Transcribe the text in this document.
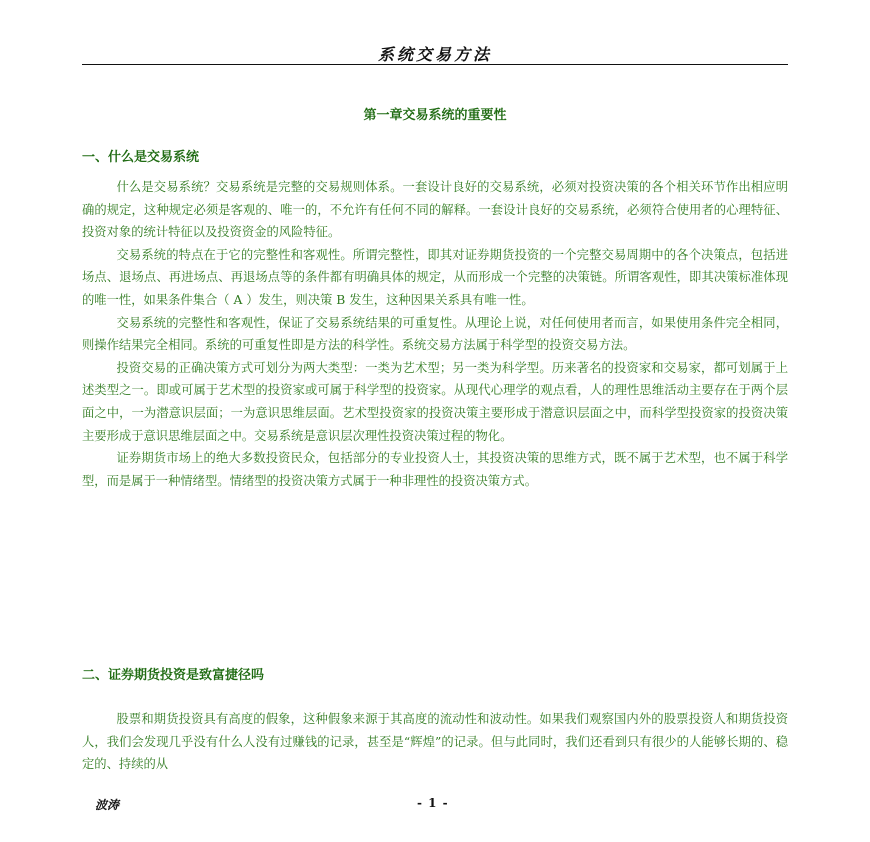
系统交易方法
第一章交易系统的重要性
一、什么是交易系统

什么是交易系统？交易系统是完整的交易规则体系。一套设计良好的交易系统，必须对投资决策的各个相关环节作出相应明确的规定，这种规定必须是客观的、唯一的，不允许有任何不同的解释。一套设计良好的交易系统，必须符合使用者的心理特征、投资对象的统计特征以及投资资金的风险特征。

交易系统的特点在于它的完整性和客观性。所谓完整性，即其对证券期货投资的一个完整交易周期中的各个决策点，包括进场点、退场点、再进场点、再退场点等的条件都有明确具体的规定，从而形成一个完整的决策链。所谓客观性，即其决策标准体现的唯一性，如果条件集合（ A ）发生，则决策 B 发生，这种因果关系具有唯一性。

交易系统的完整性和客观性，保证了交易系统结果的可重复性。从理论上说，对任何使用者而言，如果使用条件完全相同，则操作结果完全相同。系统的可重复性即是方法的科学性。系统交易方法属于科学型的投资交易方法。

投资交易的正确决策方式可划分为两大类型：一类为艺术型；另一类为科学型。历来著名的投资家和交易家，都可划属于上述类型之一。即或可属于艺术型的投资家或可属于科学型的投资家。从现代心理学的观点看，人的理性思维活动主要存在于两个层面之中，一为潜意识层面；一为意识思维层面。艺术型投资家的投资决策主要形成于潜意识层面之中，而科学型投资家的投资决策主要形成于意识思维层面之中。交易系统是意识层次理性投资决策过程的物化。

证券期货市场上的绝大多数投资民众，包括部分的专业投资人士，其投资决策的思维方式，既不属于艺术型，也不属于科学型，而是属于一种情绪型。情绪型的投资决策方式属于一种非理性的投资决策方式。

二、证券期货投资是致富捷径吗

股票和期货投资具有高度的假象，这种假象来源于其高度的流动性和波动性。如果我们观察国内外的股票投资人和期货投资人，我们会发现几乎没有什么人没有过赚钱的记录，甚至是“辉煌”的记录。但与此同时，我们还看到只有很少的人能够长期的、稳定的、持续的从

波涛	- 1 -
